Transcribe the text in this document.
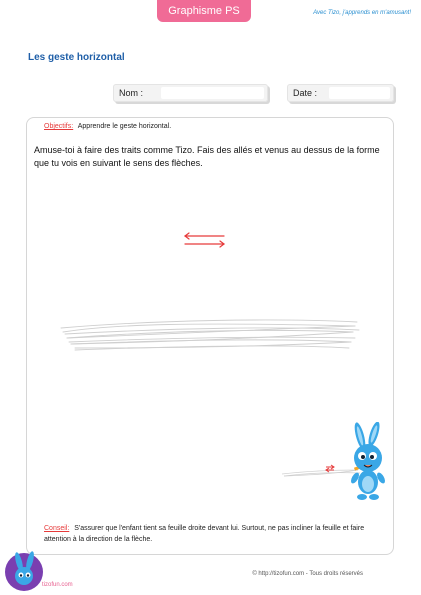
Graphisme PS	Avec Tizo, j'apprends en m'amusant!
Les geste horizontal
Nom :	Date :
Objectifs: Apprendre le geste horizontal.
Amuse-toi à faire des traits comme Tizo. Fais des allés et venus au dessus de la forme que tu vois en suivant le sens des flèches.
Conseil: S'assurer que l'enfant tient sa feuille droite devant lui. Surtout, ne pas incliner la feuille et faire attention à la direction de la flèche.
tizofun.com
© http://tizofun.com - Tous droits réservés
